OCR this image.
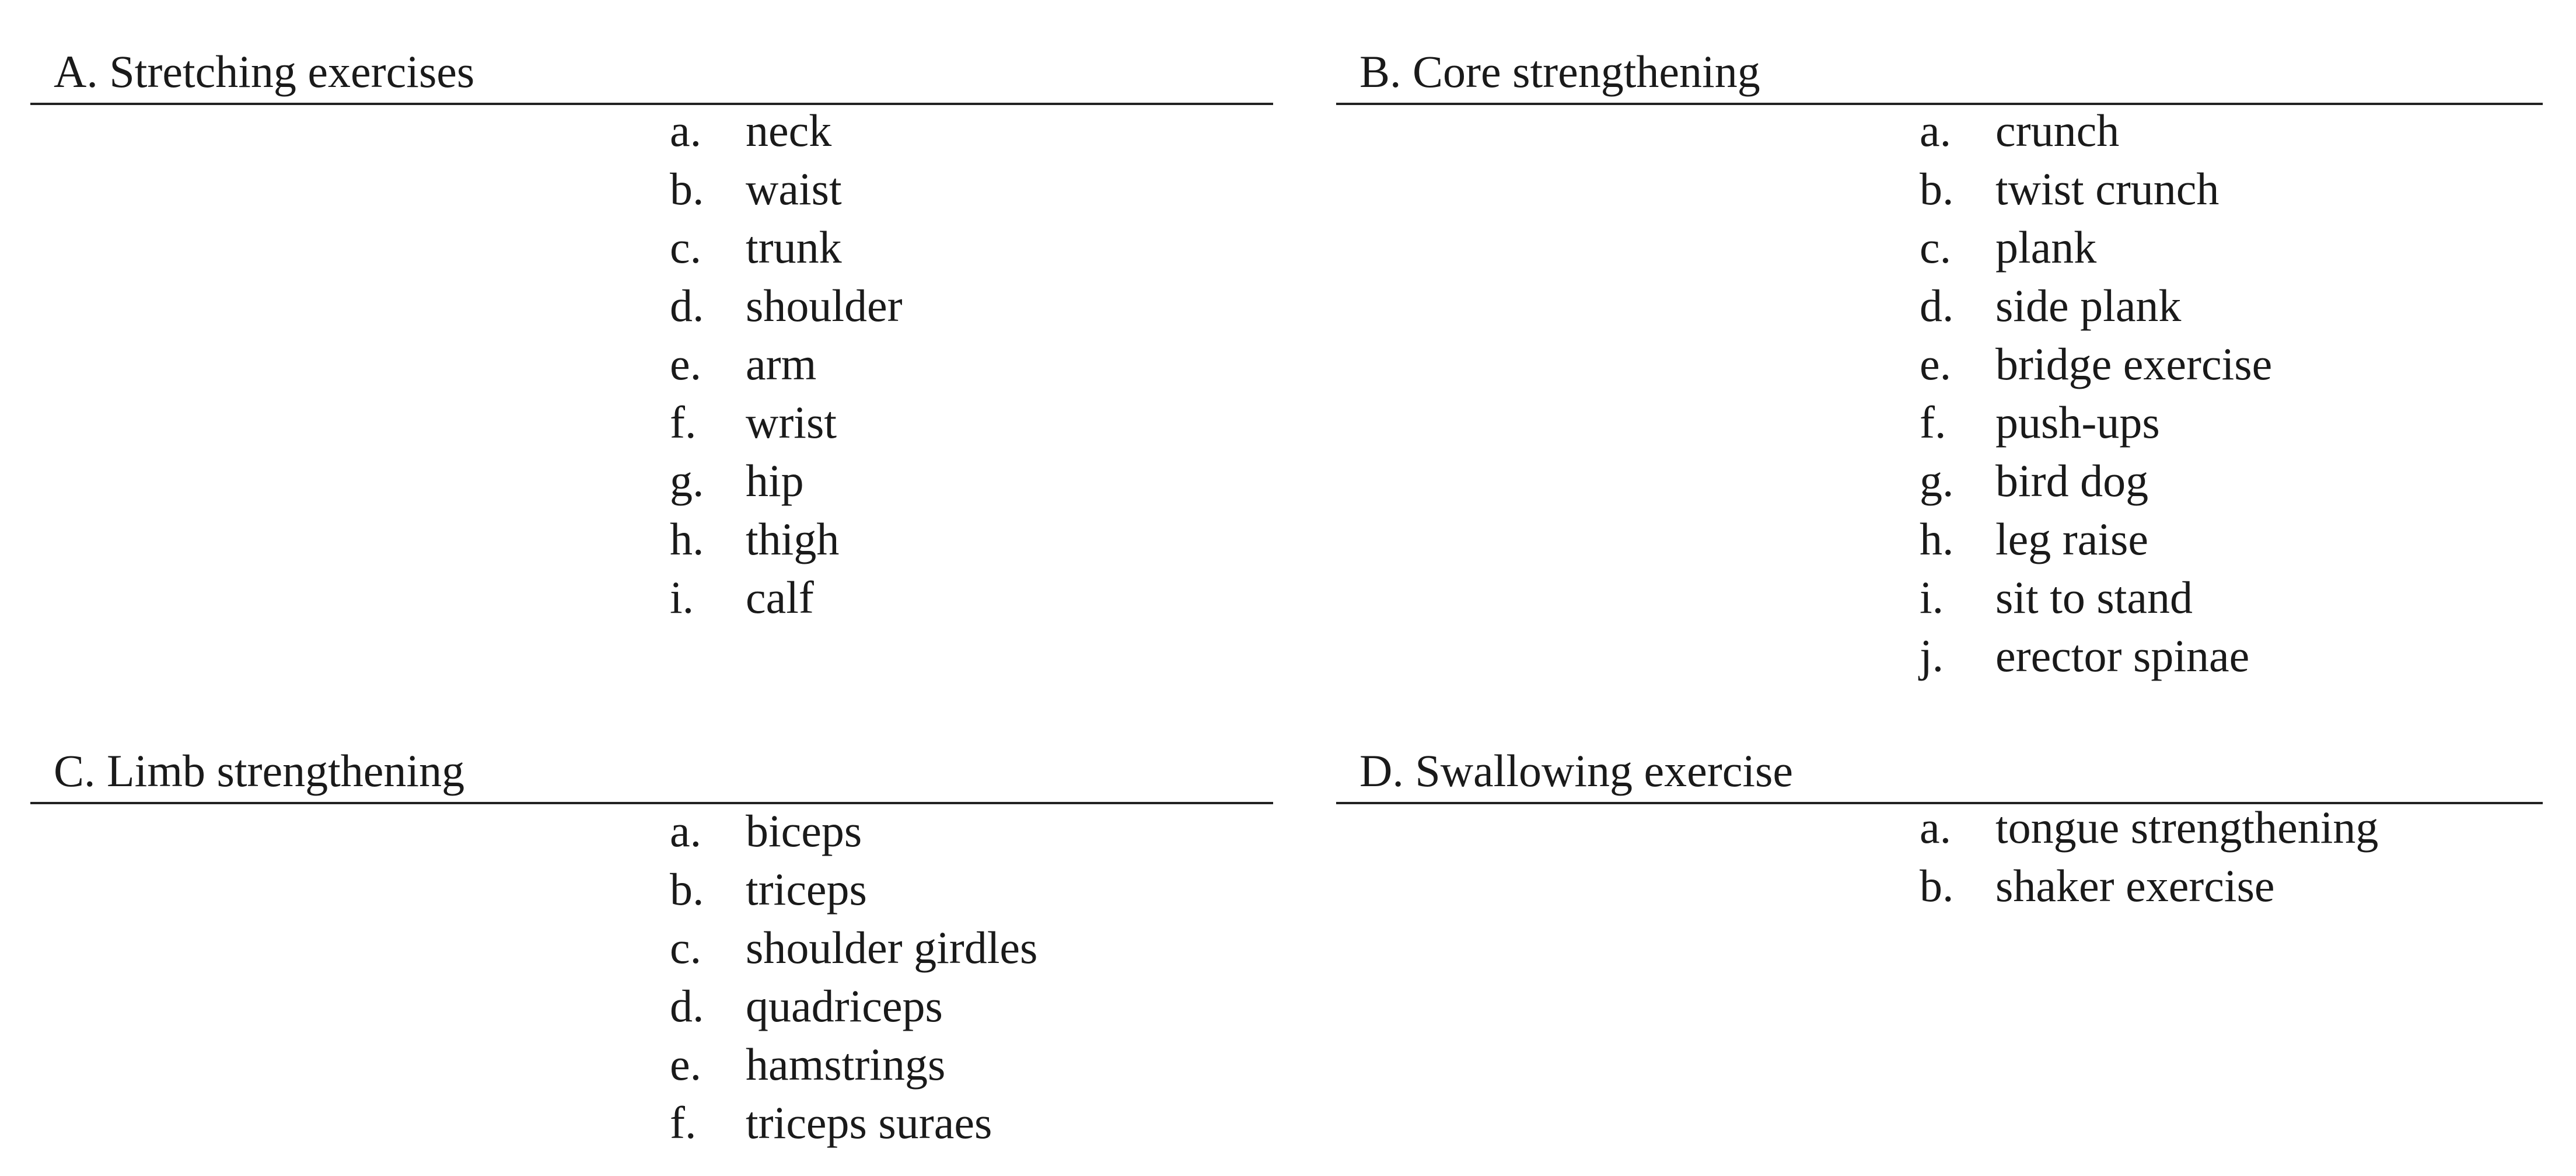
A. Stretching exercises
a. neck
b. waist
c. trunk
d. shoulder
e. arm
f. wrist
g. hip
h. thigh
i. calf
B. Core strengthening
a. crunch
b. twist crunch
c. plank
d. side plank
e. bridge exercise
f. push-ups
g. bird dog
h. leg raise
i. sit to stand
j. erector spinae
C. Limb strengthening
a. biceps
b. triceps
c. shoulder girdles
d. quadriceps
e. hamstrings
f. triceps suraes
D. Swallowing exercise
a. tongue strengthening
b. shaker exercise
